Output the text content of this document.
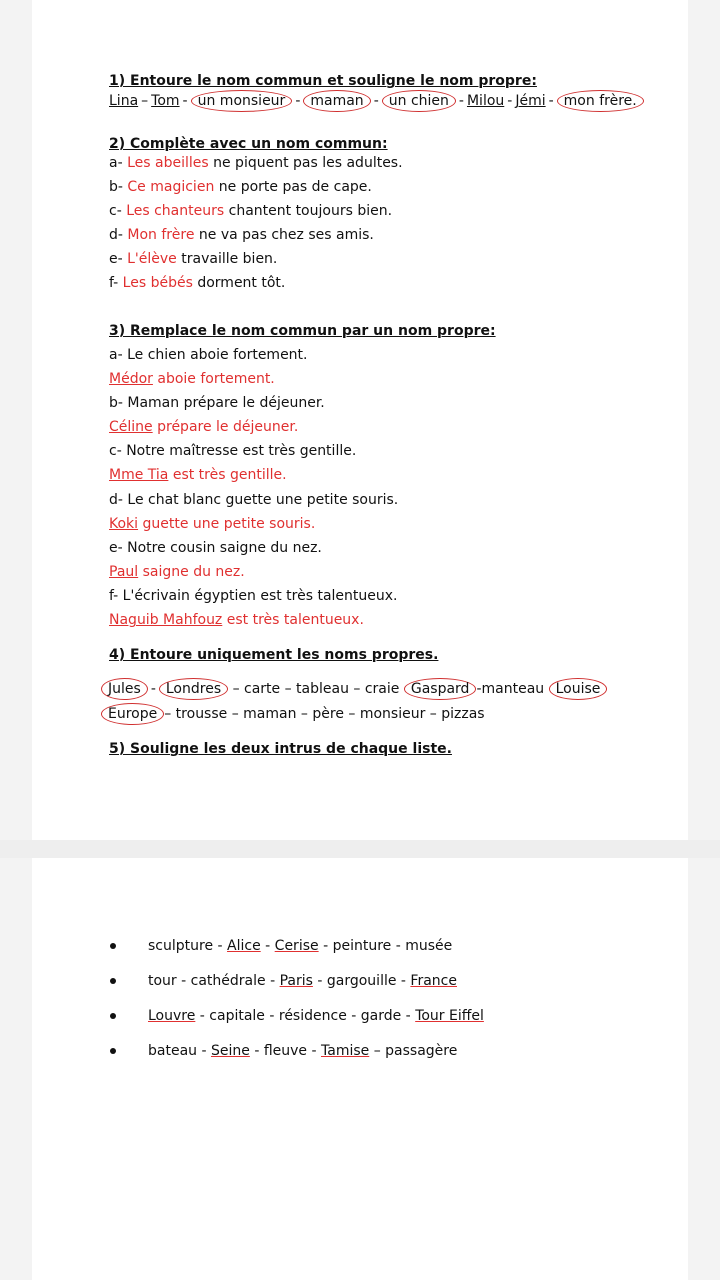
1) Entoure le nom commun et souligne le nom propre:
Lina – Tom - un monsieur - maman - un chien - Milou - Jémi - mon frère.
2) Complète avec un nom commun:
a- Les abeilles ne piquent pas les adultes.
b- Ce magicien ne porte pas de cape.
c- Les chanteurs chantent toujours bien.
d- Mon frère ne va pas chez ses amis.
e- L'élève travaille bien.
f- Les bébés dorment tôt.
3) Remplace le nom commun par un nom propre:
a- Le chien aboie fortement.
Médor aboie fortement.
b- Maman prépare le déjeuner.
Céline prépare le déjeuner.
c- Notre maîtresse est très gentille.
Mme Tia est très gentille.
d- Le chat blanc guette une petite souris.
Koki guette une petite souris.
e- Notre cousin saigne du nez.
Paul saigne du nez.
f- L'écrivain égyptien est très talentueux.
Naguib Mahfouz est très talentueux.
4) Entoure uniquement les noms propres.
Jules - Londres – carte – tableau – craie Gaspard -manteau Louise
Europe – trousse – maman – père – monsieur – pizzas
5) Souligne les deux intrus de chaque liste.
sculpture - Alice - Cerise - peinture - musée
tour - cathédrale - Paris - gargouille - France
Louvre - capitale - résidence - garde - Tour Eiffel
bateau - Seine - fleuve - Tamise – passagère
